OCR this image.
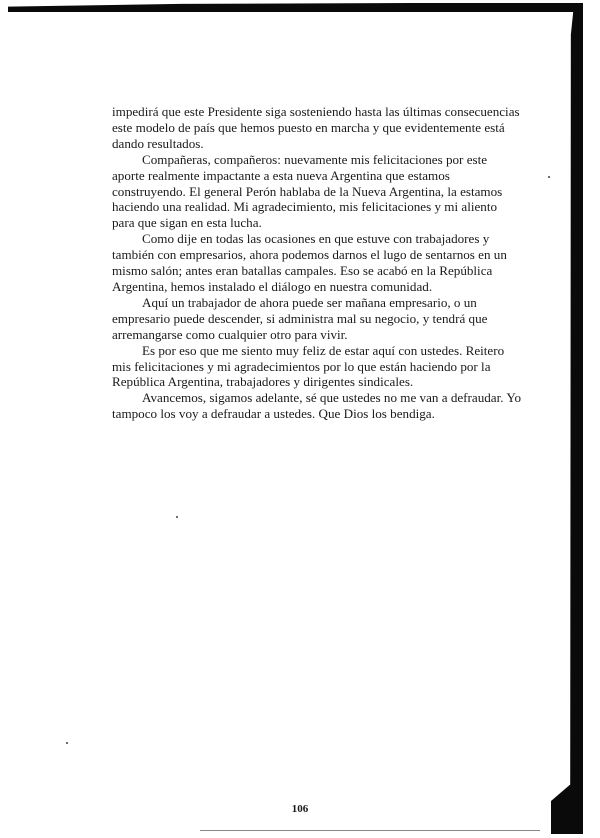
impedirá que este Presidente siga sosteniendo hasta las últimas consecuencias este modelo de país que hemos puesto en marcha y que evidentemente está dando resultados.

Compañeras, compañeros: nuevamente mis felicitaciones por este aporte realmente impactante a esta nueva Argentina que estamos construyendo. El general Perón hablaba de la Nueva Argentina, la estamos haciendo una realidad. Mi agradecimiento, mis felicitaciones y mi aliento para que sigan en esta lucha.

Como dije en todas las ocasiones en que estuve con trabajadores y también con empresarios, ahora podemos darnos el lugo de sentarnos en un mismo salón; antes eran batallas campales. Eso se acabó en la República Argentina, hemos instalado el diálogo en nuestra comunidad.

Aquí un trabajador de ahora puede ser mañana empresario, o un empresario puede descender, si administra mal su negocio, y tendrá que arremangarse como cualquier otro para vivir.

Es por eso que me siento muy feliz de estar aquí con ustedes. Reitero mis felicitaciones y mi agradecimientos por lo que están haciendo por la República Argentina, trabajadores y dirigentes sindicales.

Avancemos, sigamos adelante, sé que ustedes no me van a defraudar. Yo tampoco los voy a defraudar a ustedes. Que Dios los bendiga.

106
